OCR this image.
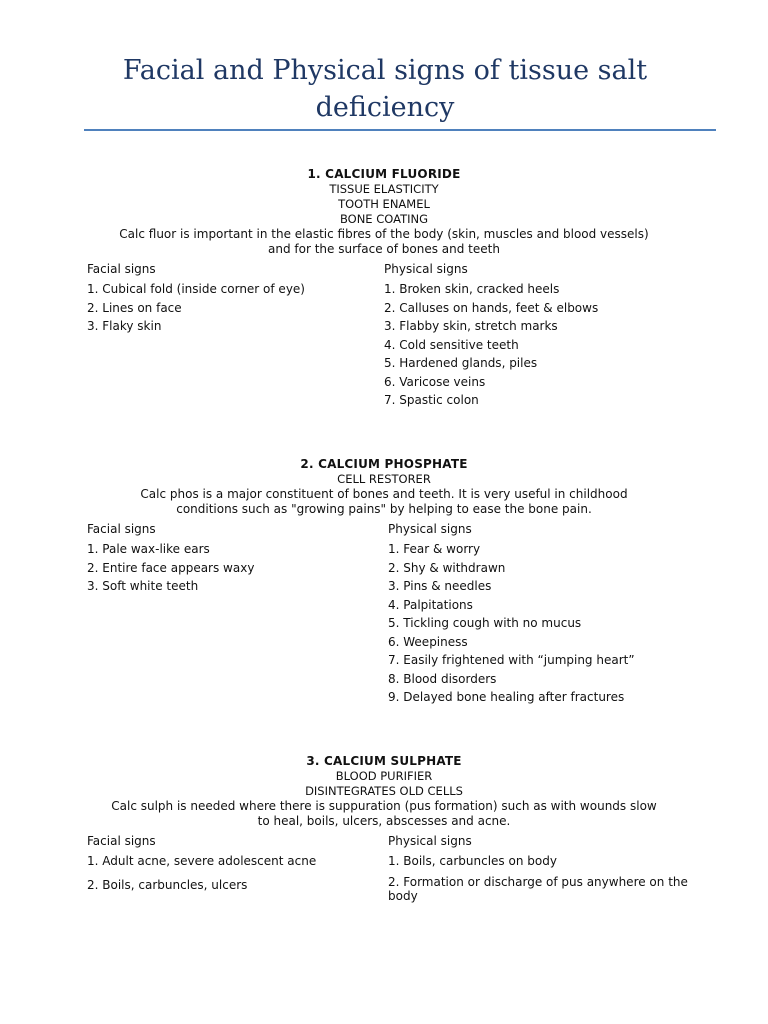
Facial and Physical signs of tissue salt
deficiency
1. CALCIUM FLUORIDE
TISSUE ELASTICITY
TOOTH ENAMEL
BONE COATING
Calc fluor is important in the elastic fibres of the body (skin, muscles and blood vessels)
and for the surface of bones and teeth
Facial signs
1. Cubical fold (inside corner of eye)
2. Lines on face
3. Flaky skin
Physical signs
1. Broken skin, cracked heels
2. Calluses on hands, feet & elbows
3. Flabby skin, stretch marks
4. Cold sensitive teeth
5. Hardened glands, piles
6. Varicose veins
7. Spastic colon
2. CALCIUM PHOSPHATE
CELL RESTORER
Calc phos is a major constituent of bones and teeth. It is very useful in childhood
conditions such as "growing pains" by helping to ease the bone pain.
Facial signs
1. Pale wax-like ears
2. Entire face appears waxy
3. Soft white teeth
Physical signs
1. Fear & worry
2. Shy & withdrawn
3. Pins & needles
4. Palpitations
5. Tickling cough with no mucus
6. Weepiness
7. Easily frightened with “jumping heart”
8. Blood disorders
9. Delayed bone healing after fractures
3. CALCIUM SULPHATE
BLOOD PURIFIER
DISINTEGRATES OLD CELLS
Calc sulph is needed where there is suppuration (pus formation) such as with wounds slow
to heal, boils, ulcers, abscesses and acne.
Facial signs
1. Adult acne, severe adolescent acne
2. Boils, carbuncles, ulcers
Physical signs
1. Boils, carbuncles on body
2. Formation or discharge of pus anywhere on the body
